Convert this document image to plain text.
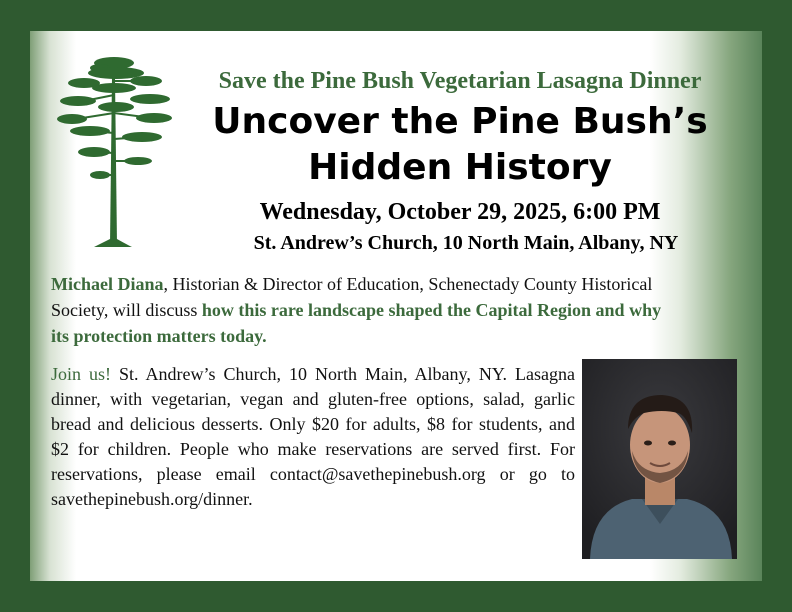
Save the Pine Bush Vegetarian Lasagna Dinner
Uncover the Pine Bush’s
Hidden History
Wednesday, October 29, 2025, 6:00 PM
St. Andrew’s Church, 10 North Main, Albany, NY
Michael Diana, Historian & Director of Education, Schenectady County Historical Society, will discuss how this rare landscape shaped the Capital Region and why its protection matters today.
Join us! St. Andrew’s Church, 10 North Main, Albany, NY. Lasagna dinner, with vegetarian, vegan and gluten-free options, salad, garlic bread and delicious desserts. Only $20 for adults, $8 for students, and $2 for children. People who make reservations are served first. For reservations, please email contact@savethepinebush.org or go to savethepinebush.org/dinner.
